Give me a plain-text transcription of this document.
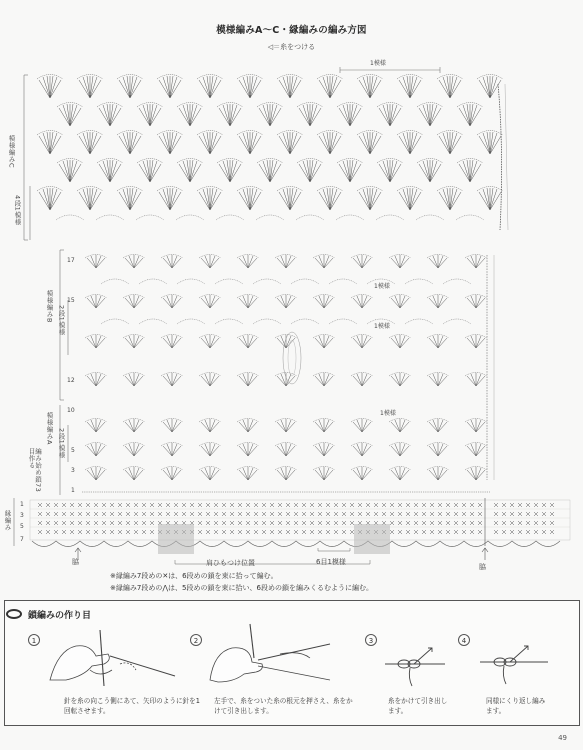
模様編みA〜C・縁編みの編み方図
◁＝糸をつける
1模様
模様編みC
4段1模様
模様編みB 2段1模様
模様編みA 2段1模様
編み始め鎖73目作る
縁編み
1模様
1模様
1模様
17
15
12
10
5
3
1
1
3
5
7
脇
脇
肩ひもつけ位置	6目1模様
※縁編み7段めの✕は、6段めの鎖を束に拾って編む。
※縁編み7段めの⋀は、5段めの鎖を束に拾い、6段めの鎖を編みくるむように編む。
鎖編みの作り目
1	2	3	4
針を糸の向こう側にあて、矢印のように針を1回転させます。
左手で、糸をついた糸の根元を押さえ、糸をかけて引き出します。
糸をかけて引き出します。
同様にくり返し編みます。
49
